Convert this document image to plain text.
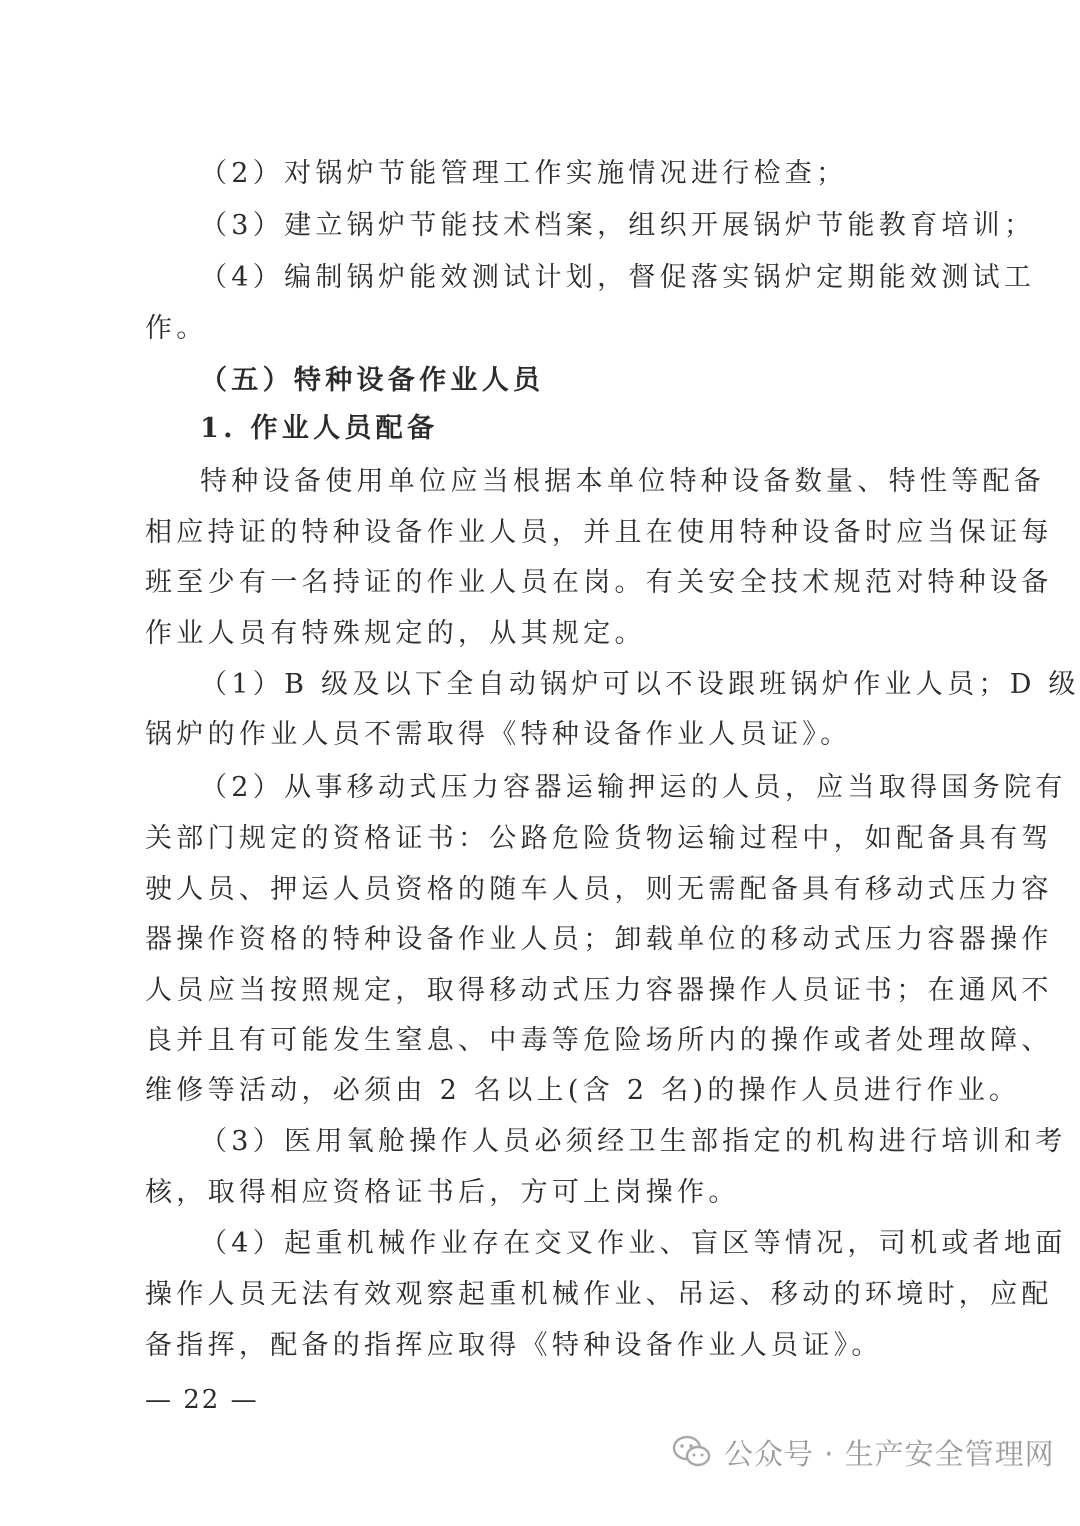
（2）对锅炉节能管理工作实施情况进行检查；
（3）建立锅炉节能技术档案，组织开展锅炉节能教育培训；
（4）编制锅炉能效测试计划，督促落实锅炉定期能效测试工
作。
（五）特种设备作业人员
1. 作业人员配备
特种设备使用单位应当根据本单位特种设备数量、特性等配备
相应持证的特种设备作业人员，并且在使用特种设备时应当保证每
班至少有一名持证的作业人员在岗。有关安全技术规范对特种设备
作业人员有特殊规定的，从其规定。
（1）B 级及以下全自动锅炉可以不设跟班锅炉作业人员；D 级
锅炉的作业人员不需取得《特种设备作业人员证》。
（2）从事移动式压力容器运输押运的人员，应当取得国务院有
关部门规定的资格证书：公路危险货物运输过程中，如配备具有驾
驶人员、押运人员资格的随车人员，则无需配备具有移动式压力容
器操作资格的特种设备作业人员；卸载单位的移动式压力容器操作
人员应当按照规定，取得移动式压力容器操作人员证书；在通风不
良并且有可能发生窒息、中毒等危险场所内的操作或者处理故障、
维修等活动，必须由 2 名以上(含 2 名)的操作人员进行作业。
（3）医用氧舱操作人员必须经卫生部指定的机构进行培训和考
核，取得相应资格证书后，方可上岗操作。
（4）起重机械作业存在交叉作业、盲区等情况，司机或者地面
操作人员无法有效观察起重机械作业、吊运、移动的环境时，应配
备指挥，配备的指挥应取得《特种设备作业人员证》。
— 22 —
公众号 · 生产安全管理网
